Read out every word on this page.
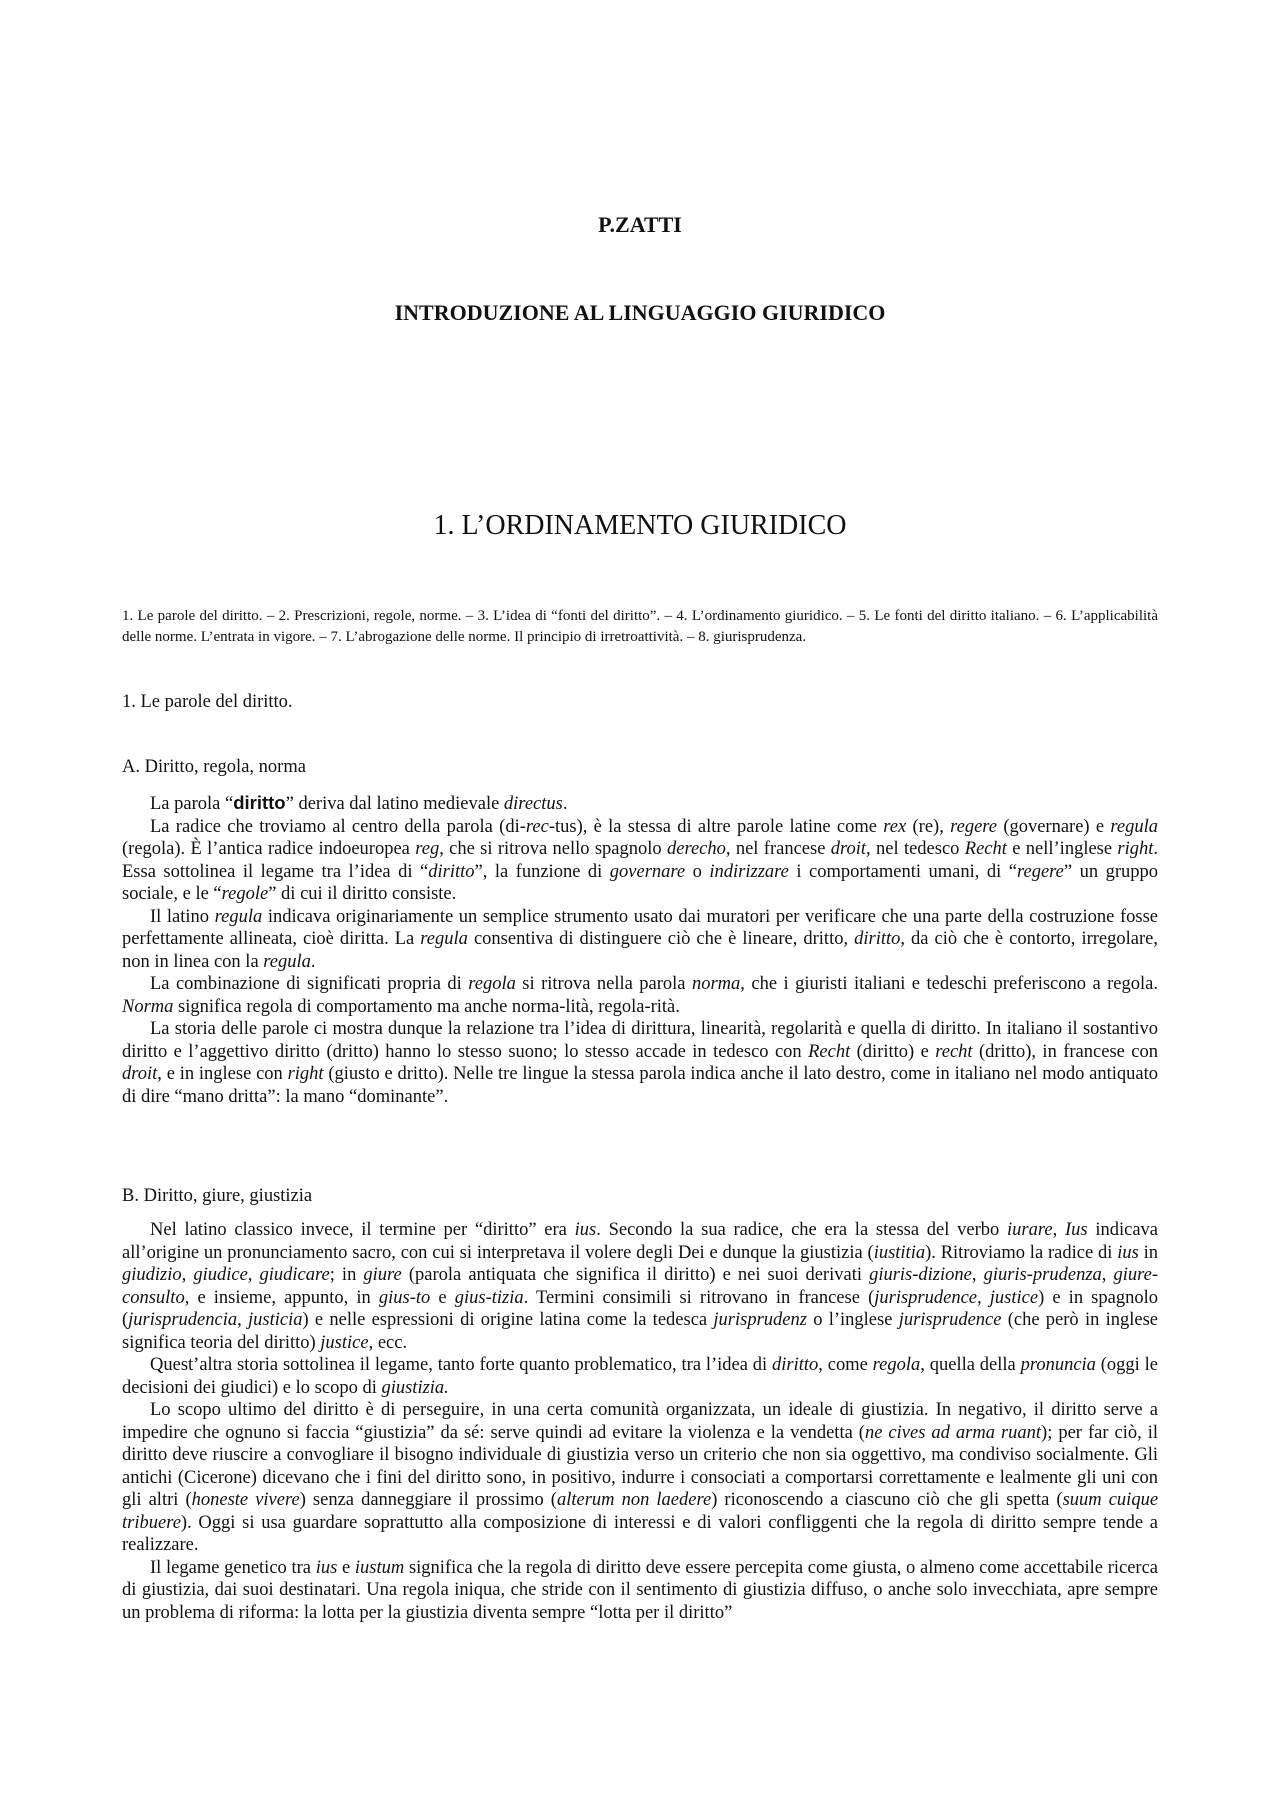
P.ZATTI
INTRODUZIONE AL LINGUAGGIO GIURIDICO
1. L’ORDINAMENTO GIURIDICO
1. Le parole del diritto. – 2. Prescrizioni, regole, norme. – 3. L’idea di “fonti del diritto”. – 4. L’ordinamento giuridico. – 5. Le fonti del diritto italiano. – 6. L’applicabilità delle norme. L’entrata in vigore. – 7. L’abrogazione delle norme. Il principio di irretroattività. – 8. giurisprudenza.
1. Le parole del diritto.
A. Diritto, regola, norma

La parola “diritto” deriva dal latino medievale directus.

La radice che troviamo al centro della parola (di-rec-tus), è la stessa di altre parole latine come rex (re), regere (governare) e regula (regola). È l’antica radice indoeuropea reg, che si ritrova nello spagnolo derecho, nel francese droit, nel tedesco Recht e nell’inglese right. Essa sottolinea il legame tra l’idea di “diritto”, la funzione di governare o indirizzare i comportamenti umani, di “regere” un gruppo sociale, e le “regole” di cui il diritto consiste.

Il latino regula indicava originariamente un semplice strumento usato dai muratori per verificare che una parte della costruzione fosse perfettamente allineata, cioè diritta. La regula consentiva di distinguere ciò che è lineare, dritto, diritto, da ciò che è contorto, irregolare, non in linea con la regula.

La combinazione di significati propria di regola si ritrova nella parola norma, che i giuristi italiani e tedeschi preferiscono a regola. Norma significa regola di comportamento ma anche norma-lità, regola-rità.

La storia delle parole ci mostra dunque la relazione tra l’idea di dirittura, linearità, regolarità e quella di diritto. In italiano il sostantivo diritto e l’aggettivo diritto (dritto) hanno lo stesso suono; lo stesso accade in tedesco con Recht (diritto) e recht (dritto), in francese con droit, e in inglese con right (giusto e dritto). Nelle tre lingue la stessa parola indica anche il lato destro, come in italiano nel modo antiquato di dire “mano dritta”: la mano “dominante”.

B. Diritto, giure, giustizia

Nel latino classico invece, il termine per “diritto” era ius. Secondo la sua radice, che era la stessa del verbo iurare, Ius indicava all’origine un pronunciamento sacro, con cui si interpretava il volere degli Dei e dunque la giustizia (iustitia). Ritroviamo la radice di ius in giudizio, giudice, giudicare; in giure (parola antiquata che significa il diritto) e nei suoi derivati giuris-dizione, giuris-prudenza, giure-consulto, e insieme, appunto, in gius-to e gius-tizia. Termini consimili si ritrovano in francese (jurisprudence, justice) e in spagnolo (jurisprudencia, justicia) e nelle espressioni di origine latina come la tedesca jurisprudenz o l’inglese jurisprudence (che però in inglese significa teoria del diritto) justice, ecc.

Quest’altra storia sottolinea il legame, tanto forte quanto problematico, tra l’idea di diritto, come regola, quella della pronuncia (oggi le decisioni dei giudici) e lo scopo di giustizia.

Lo scopo ultimo del diritto è di perseguire, in una certa comunità organizzata, un ideale di giustizia. In negativo, il diritto serve a impedire che ognuno si faccia “giustizia” da sé: serve quindi ad evitare la violenza e la vendetta (ne cives ad arma ruant); per far ciò, il diritto deve riuscire a convogliare il bisogno individuale di giustizia verso un criterio che non sia oggettivo, ma condiviso socialmente. Gli antichi (Cicerone) dicevano che i fini del diritto sono, in positivo, indurre i consociati a comportarsi correttamente e lealmente gli uni con gli altri (honeste vivere) senza danneggiare il prossimo (alterum non laedere) riconoscendo a ciascuno ciò che gli spetta (suum cuique tribuere). Oggi si usa guardare soprattutto alla composizione di interessi e di valori confliggenti che la regola di diritto sempre tende a realizzare.

Il legame genetico tra ius e iustum significa che la regola di diritto deve essere percepita come giusta, o almeno come accettabile ricerca di giustizia, dai suoi destinatari. Una regola iniqua, che stride con il sentimento di giustizia diffuso, o anche solo invecchiata, apre sempre un problema di riforma: la lotta per la giustizia diventa sempre “lotta per il diritto”
